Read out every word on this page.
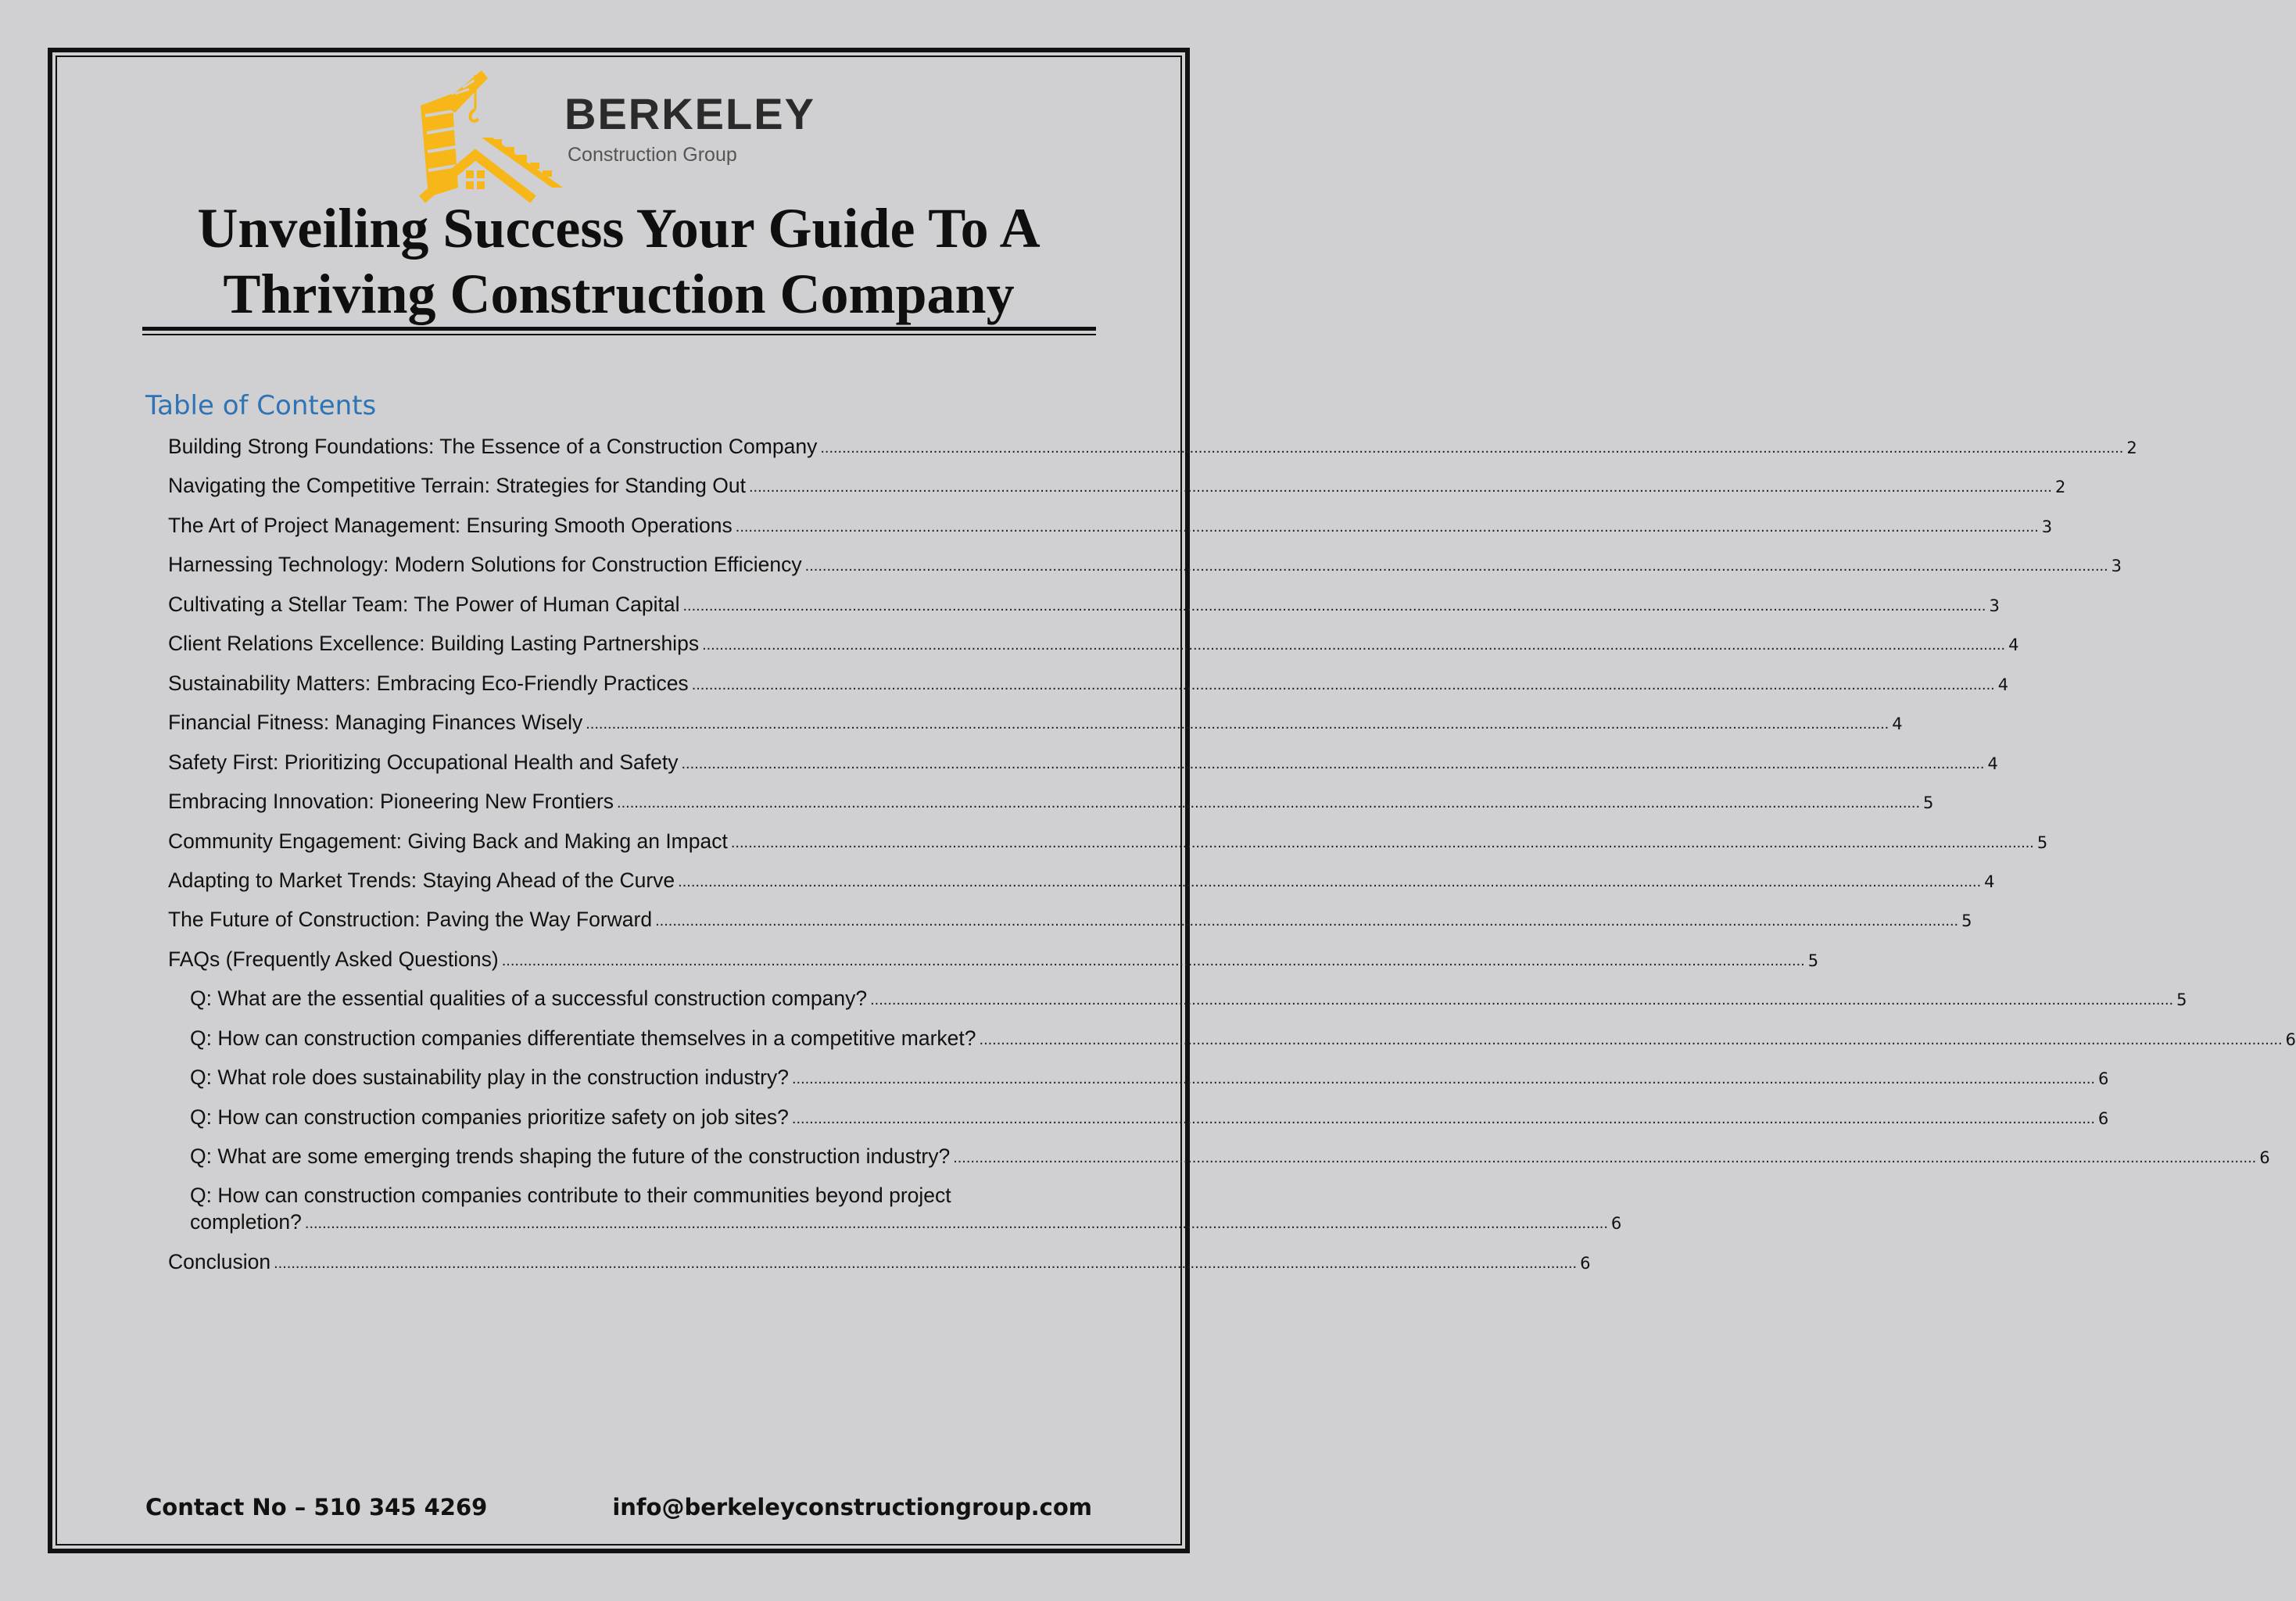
BERKELEY
Construction Group
Unveiling Success Your Guide To A
Thriving Construction Company
Table of Contents
Building Strong Foundations: The Essence of a Construction Company ............................................................................................................................................................................................................................................................................................................ 2
Navigating the Competitive Terrain: Strategies for Standing Out ............................................................................................................................................................................................................................................................................................................ 2
The Art of Project Management: Ensuring Smooth Operations ............................................................................................................................................................................................................................................................................................................ 3
Harnessing Technology: Modern Solutions for Construction Efficiency ............................................................................................................................................................................................................................................................................................................ 3
Cultivating a Stellar Team: The Power of Human Capital ............................................................................................................................................................................................................................................................................................................ 3
Client Relations Excellence: Building Lasting Partnerships ............................................................................................................................................................................................................................................................................................................ 4
Sustainability Matters: Embracing Eco-Friendly Practices ............................................................................................................................................................................................................................................................................................................ 4
Financial Fitness: Managing Finances Wisely ............................................................................................................................................................................................................................................................................................................ 4
Safety First: Prioritizing Occupational Health and Safety ............................................................................................................................................................................................................................................................................................................ 4
Embracing Innovation: Pioneering New Frontiers ............................................................................................................................................................................................................................................................................................................ 5
Community Engagement: Giving Back and Making an Impact ............................................................................................................................................................................................................................................................................................................ 5
Adapting to Market Trends: Staying Ahead of the Curve ............................................................................................................................................................................................................................................................................................................ 4
The Future of Construction: Paving the Way Forward ............................................................................................................................................................................................................................................................................................................ 5
FAQs (Frequently Asked Questions) ............................................................................................................................................................................................................................................................................................................ 5
Q: What are the essential qualities of a successful construction company? ............................................................................................................................................................................................................................................................................................................ 5
Q: How can construction companies differentiate themselves in a competitive market? ............................................................................................................................................................................................................................................................................................................ 6
Q: What role does sustainability play in the construction industry? ............................................................................................................................................................................................................................................................................................................ 6
Q: How can construction companies prioritize safety on job sites? ............................................................................................................................................................................................................................................................................................................ 6
Q: What are some emerging trends shaping the future of the construction industry? ............................................................................................................................................................................................................................................................................................................ 6
Q: How can construction companies contribute to their communities beyond project
completion? ............................................................................................................................................................................................................................................................................................................ 6
Conclusion ............................................................................................................................................................................................................................................................................................................ 6
Contact No – 510 345 4269	info@berkeleyconstructiongroup.com
